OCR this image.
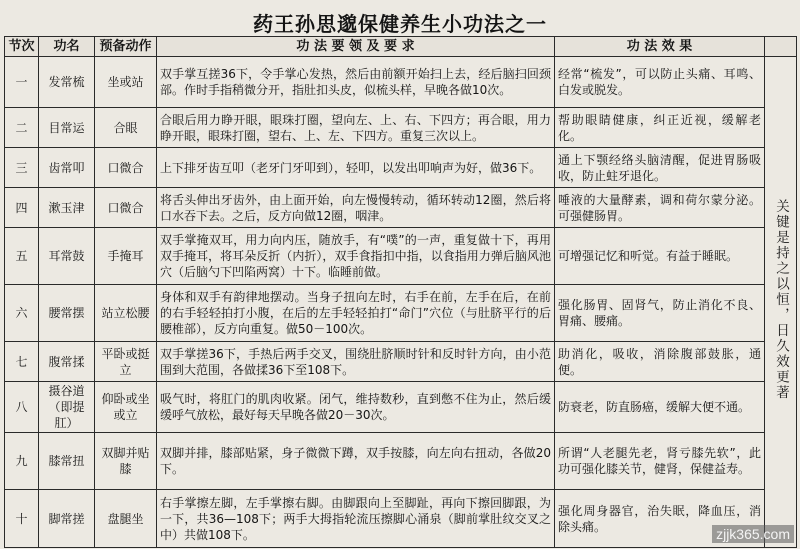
药王孙思邈保健养生小功法之一
节次	功名	预备动作	功 法 要 领 及 要 求	功 法 效 果	
一	发常梳	坐或站	双手掌互搓36下，令手掌心发热，然后由前额开始扫上去，经后脑扫回颈部。作时手指稍微分开，指肚扣头皮，似梳头样，早晚各做10次。	经常“梳发”，可以防止头痛、耳鸣、白发或脱发。	关键是持之以恒，日久效更著
二	目常运	合眼	合眼后用力睁开眼，眼珠打圈，望向左、上、右、下四方；再合眼，用力睁开眼，眼珠打圈，望右、上、左、下四方。重复三次以上。	帮助眼睛健康，纠正近视，缓解老化。	
三	齿常叩	口微合	上下排牙齿互叩（老牙门牙叩到），轻叩，以发出叩响声为好，做36下。	通上下颚经络头脑清醒，促进胃肠吸收，防止蛀牙退化。	
四	漱玉津	口微合	将舌头伸出牙齿外，由上面开始，向左慢慢转动，循环转动12圈，然后将口水吞下去。之后，反方向做12圈，咽津。	唾液的大量酵素，调和荷尔蒙分泌。可强健肠胃。	
五	耳常鼓	手掩耳	双手掌掩双耳，用力向内压，随放手，有“噗”的一声，重复做十下，再用双手掩耳，将耳朵反折（内折），双手食指扣中指，以食指用力弹后脑风池穴（后脑勺下凹陷两窝）十下。临睡前做。	可增强记忆和听觉。有益于睡眠。	
六	腰常摆	站立松腰	身体和双手有韵律地摆动。当身子扭向左时，右手在前，左手在后，在前的右手轻轻拍打小腹，在后的左手轻轻拍打“命门”穴位（与肚脐平行的后腰椎部），反方向重复。做50－100次。	强化肠胃、固肾气，防止消化不良、胃痛、腰痛。	
七	腹常揉	平卧或挺立	双手掌搓36下，手热后两手交叉，围绕肚脐顺时针和反时针方向，由小范围到大范围，各做揉36下至108下。	助消化，吸收，消除腹部鼓胀，通便。	
八	摄谷道（即提肛）	仰卧或坐或立	吸气时，将肛门的肌肉收紧。闭气，维持数秒，直到憋不住为止，然后缓缓呼气放松，最好每天早晚各做20－30次。	防衰老，防直肠癌，缓解大便不通。	
九	膝常扭	双脚并贴膝	双脚并排，膝部贴紧，身子微微下蹲，双手按膝，向左向右扭动，各做20下。	所谓“人老腿先老，肾亏膝先软”，此功可强化膝关节，健肾，保健益寿。	
十	脚常搓	盘腿坐	右手掌擦左脚，左手掌擦右脚。由脚跟向上至脚趾，再向下擦回脚跟，为一下，共36—108下；两手大拇指轮流压擦脚心涌泉（脚前掌肚纹交叉之中）共做108下。	强化周身器官，治失眠，降血压，消除头痛。		zjjk365.com
